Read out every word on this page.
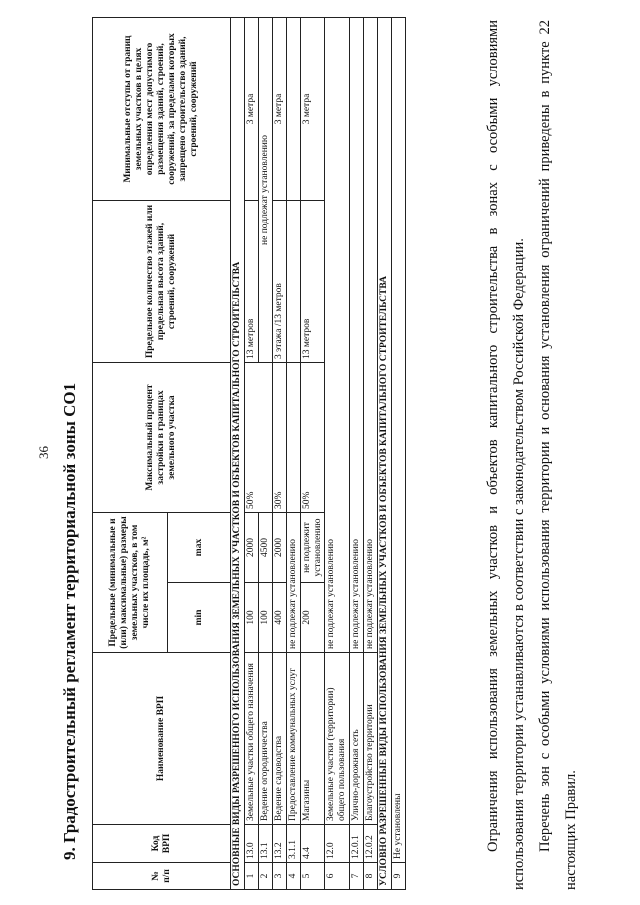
36 9. Градостроительный регламент территориальной зоны СО1
№ п/п	Код ВРП	Наименование ВРП	Предельные (минимальные и (или) максимальные) размеры земельных участков, в том числе их площадь, м²		Максимальный процент застройки в границах земельного участка	Предельное количество этажей или предельная высота зданий, строений, сооружений	Минимальные отступы от границ земельных участков в целях определения мест допустимого размещения зданий, строений, сооружений, за пределами которых запрещено строительство зданий, строений, сооружений
			min	max			
ОСНОВНЫЕ ВИДЫ РАЗРЕШЕННОГО ИСПОЛЬЗОВАНИЯ ЗЕМЕЛЬНЫХ УЧАСТКОВ И ОБЪЕКТОВ КАПИТАЛЬНОГО СТРОИТЕЛЬСТВА							
1	13.0	Земельные участки общего назначения	100	2000	50%	13 метров	3 метра
2	13.1	Ведение огородничества	100	4500		не подлежат установлению	
3	13.2	Ведение садоводства	400	2000	30%	3 этажа /13 метров	3 метра
4	3.1.1	Предоставление коммунальных услуг	не подлежат установлению				
5	4.4	Магазины	200	не подлежит установлению	50%	13 метров	3 метра
6	12.0	Земельные участки (территории) общего пользования	не подлежат установлению				
7	12.0.1	Улично-дорожная сеть	не подлежат установлению				
8	12.0.2	Благоустройство территории	не подлежат установлению				
УСЛОВНО РАЗРЕШЕННЫЕ ВИДЫ ИСПОЛЬЗОВАНИЯ ЗЕМЕЛЬНЫХ УЧАСТКОВ И ОБЪЕКТОВ КАПИТАЛЬНОГО СТРОИТЕЛЬСТВА							
9	Не установлены							Ограничения использования земельных участков и объектов капитального строительства в зонах с особыми условиями использования территории устанавливаются в соответствии с законодательством Российской Федерации. Перечень зон с особыми условиями использования территории и основания установления ограничений приведены в пункте 22 настоящих Правил.
